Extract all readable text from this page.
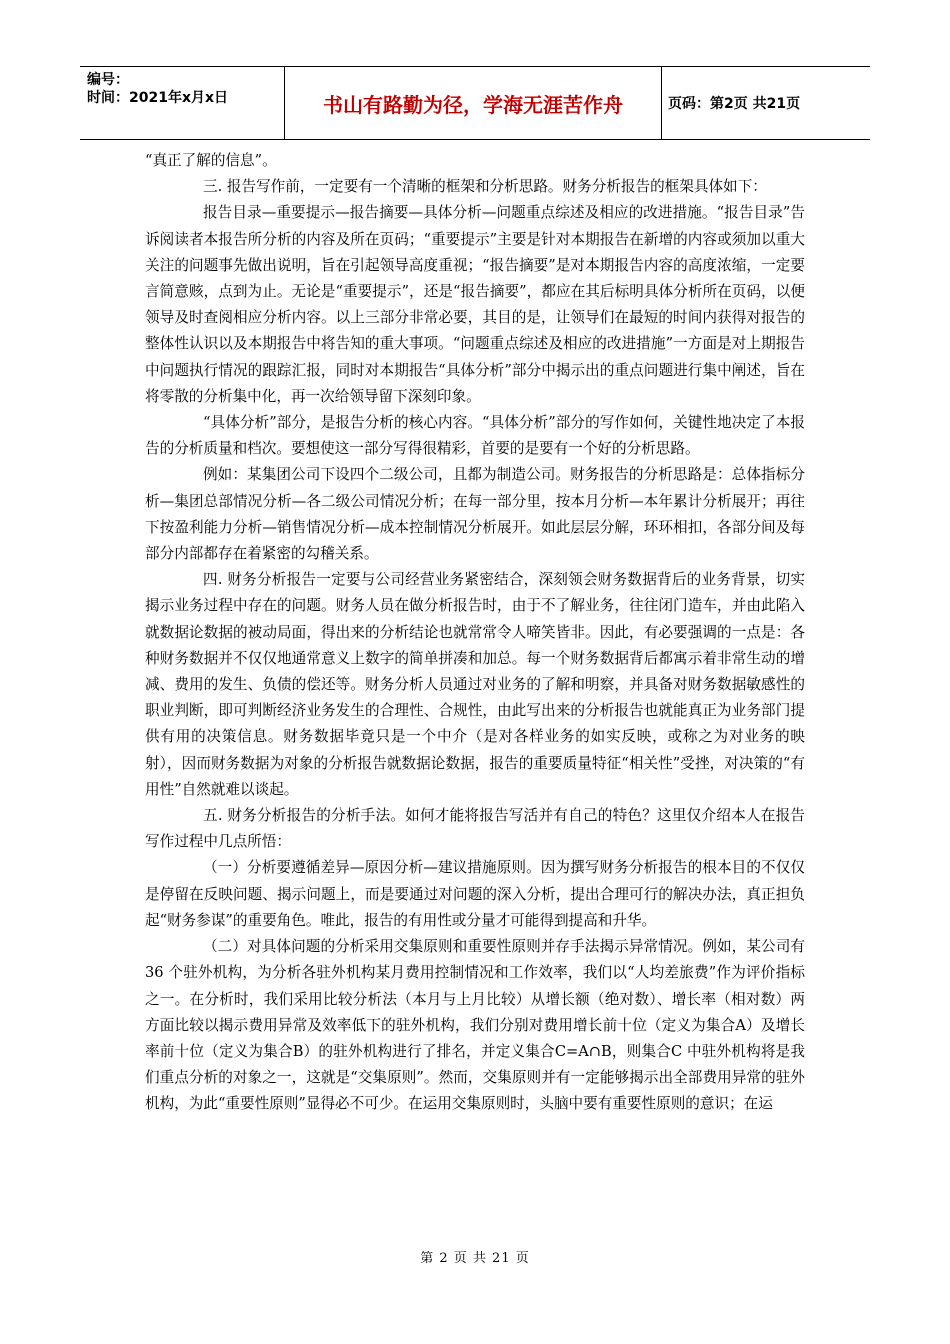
编号：
时间：2021年x月x日	书山有路勤为径，学海无涯苦作舟	页码：第2页 共21页

“真正了解的信息”。

三. 报告写作前，一定要有一个清晰的框架和分析思路。财务分析报告的框架具体如下：

报告目录—重要提示—报告摘要—具体分析—问题重点综述及相应的改进措施。“报告目录”告诉阅读者本报告所分析的内容及所在页码；“重要提示”主要是针对本期报告在新增的内容或须加以重大关注的问题事先做出说明，旨在引起领导高度重视；“报告摘要”是对本期报告内容的高度浓缩，一定要言简意赅，点到为止。无论是“重要提示”，还是“报告摘要”，都应在其后标明具体分析所在页码，以便领导及时查阅相应分析内容。以上三部分非常必要，其目的是，让领导们在最短的时间内获得对报告的整体性认识以及本期报告中将告知的重大事项。“问题重点综述及相应的改进措施”一方面是对上期报告中问题执行情况的跟踪汇报，同时对本期报告“具体分析”部分中揭示出的重点问题进行集中阐述，旨在将零散的分析集中化，再一次给领导留下深刻印象。

“具体分析”部分，是报告分析的核心内容。“具体分析”部分的写作如何，关键性地决定了本报告的分析质量和档次。要想使这一部分写得很精彩，首要的是要有一个好的分析思路。

例如：某集团公司下设四个二级公司，且都为制造公司。财务报告的分析思路是：总体指标分析—集团总部情况分析—各二级公司情况分析；在每一部分里，按本月分析—本年累计分析展开；再往下按盈利能力分析—销售情况分析—成本控制情况分析展开。如此层层分解，环环相扣，各部分间及每部分内部都存在着紧密的勾稽关系。

四. 财务分析报告一定要与公司经营业务紧密结合，深刻领会财务数据背后的业务背景，切实揭示业务过程中存在的问题。财务人员在做分析报告时，由于不了解业务，往往闭门造车，并由此陷入就数据论数据的被动局面，得出来的分析结论也就常常令人啼笑皆非。因此，有必要强调的一点是：各种财务数据并不仅仅地通常意义上数字的简单拼凑和加总。每一个财务数据背后都寓示着非常生动的增减、费用的发生、负债的偿还等。财务分析人员通过对业务的了解和明察，并具备对财务数据敏感性的职业判断，即可判断经济业务发生的合理性、合规性，由此写出来的分析报告也就能真正为业务部门提供有用的决策信息。财务数据毕竟只是一个中介（是对各样业务的如实反映，或称之为对业务的映射），因而财务数据为对象的分析报告就数据论数据，报告的重要质量特征“相关性”受挫，对决策的“有用性”自然就难以谈起。

五. 财务分析报告的分析手法。如何才能将报告写活并有自己的特色？这里仅介绍本人在报告写作过程中几点所悟：

（一）分析要遵循差异—原因分析—建议措施原则。因为撰写财务分析报告的根本目的不仅仅是停留在反映问题、揭示问题上，而是要通过对问题的深入分析，提出合理可行的解决办法，真正担负起“财务参谋”的重要角色。唯此，报告的有用性或分量才可能得到提高和升华。

（二）对具体问题的分析采用交集原则和重要性原则并存手法揭示异常情况。例如，某公司有36 个驻外机构，为分析各驻外机构某月费用控制情况和工作效率，我们以“人均差旅费”作为评价指标之一。在分析时，我们采用比较分析法（本月与上月比较）从增长额（绝对数）、增长率（相对数）两方面比较以揭示费用异常及效率低下的驻外机构，我们分别对费用增长前十位（定义为集合A）及增长率前十位（定义为集合B）的驻外机构进行了排名，并定义集合C=A∩B，则集合C 中驻外机构将是我们重点分析的对象之一，这就是“交集原则”。然而，交集原则并有一定能够揭示出全部费用异常的驻外机构，为此“重要性原则”显得必不可少。在运用交集原则时，头脑中要有重要性原则的意识；在运

第 2 页 共 21 页
